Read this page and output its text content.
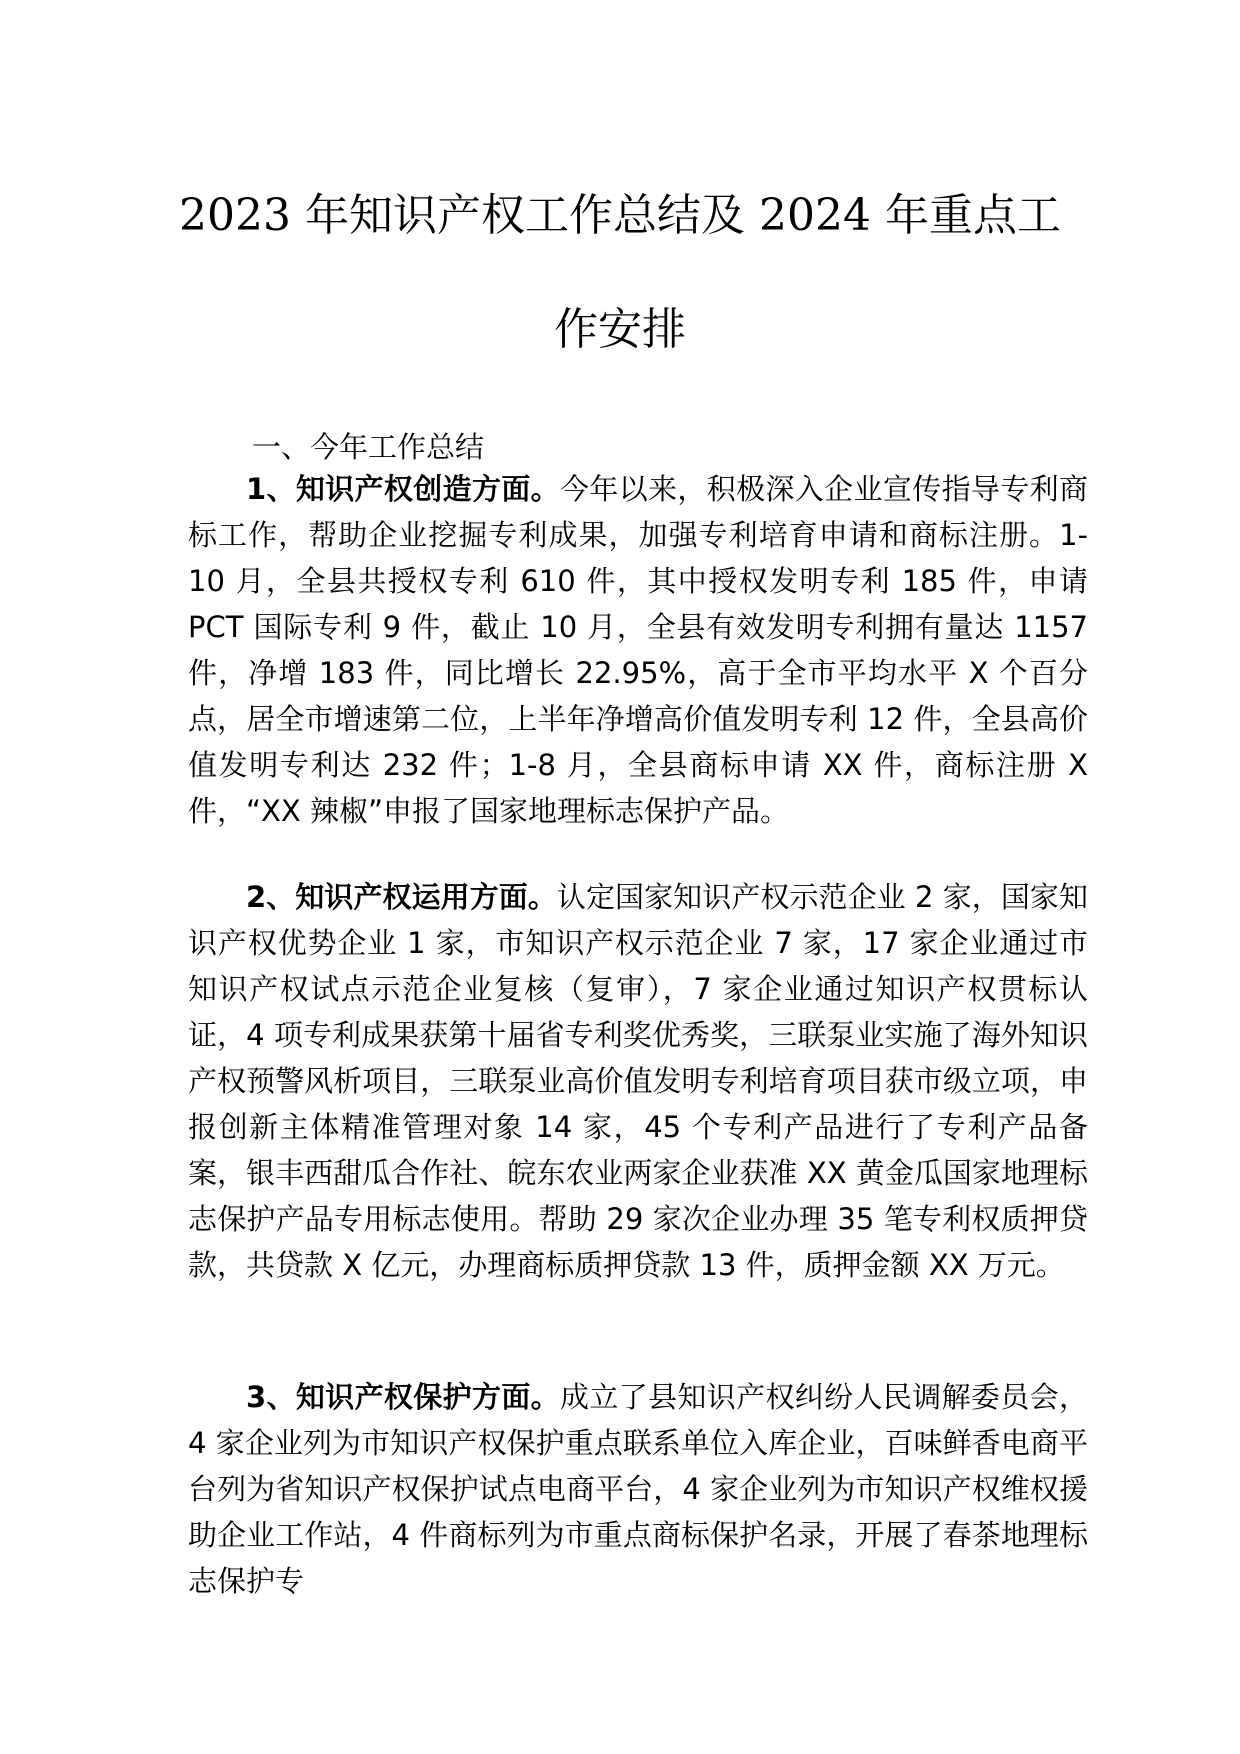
2023 年知识产权工作总结及 2024 年重点工
作安排
一、今年工作总结

1、知识产权创造方面。今年以来，积极深入企业宣传指导专利商标工作，帮助企业挖掘专利成果，加强专利培育申请和商标注册。1-10 月，全县共授权专利 610 件，其中授权发明专利 185 件，申请 PCT 国际专利 9 件，截止 10 月，全县有效发明专利拥有量达 1157 件，净增 183 件，同比增长 22.95%，高于全市平均水平 X 个百分点，居全市增速第二位，上半年净增高价值发明专利 12 件，全县高价值发明专利达 232 件；1-8 月，全县商标申请 XX 件，商标注册 X 件，“XX 辣椒”申报了国家地理标志保护产品。

2、知识产权运用方面。认定国家知识产权示范企业 2 家，国家知识产权优势企业 1 家，市知识产权示范企业 7 家，17 家企业通过市知识产权试点示范企业复核（复审），7 家企业通过知识产权贯标认证，4 项专利成果获第十届省专利奖优秀奖，三联泵业实施了海外知识产权预警风析项目，三联泵业高价值发明专利培育项目获市级立项，申报创新主体精准管理对象 14 家，45 个专利产品进行了专利产品备案，银丰西甜瓜合作社、皖东农业两家企业获准 XX 黄金瓜国家地理标志保护产品专用标志使用。帮助 29 家次企业办理 35 笔专利权质押贷款，共贷款 X 亿元，办理商标质押贷款 13 件，质押金额 XX 万元。

3、知识产权保护方面。成立了县知识产权纠纷人民调解委员会，4 家企业列为市知识产权保护重点联系单位入库企业，百味鲜香电商平台列为省知识产权保护试点电商平台，4 家企业列为市知识产权维权援助企业工作站，4 件商标列为市重点商标保护名录，开展了春茶地理标志保护专
